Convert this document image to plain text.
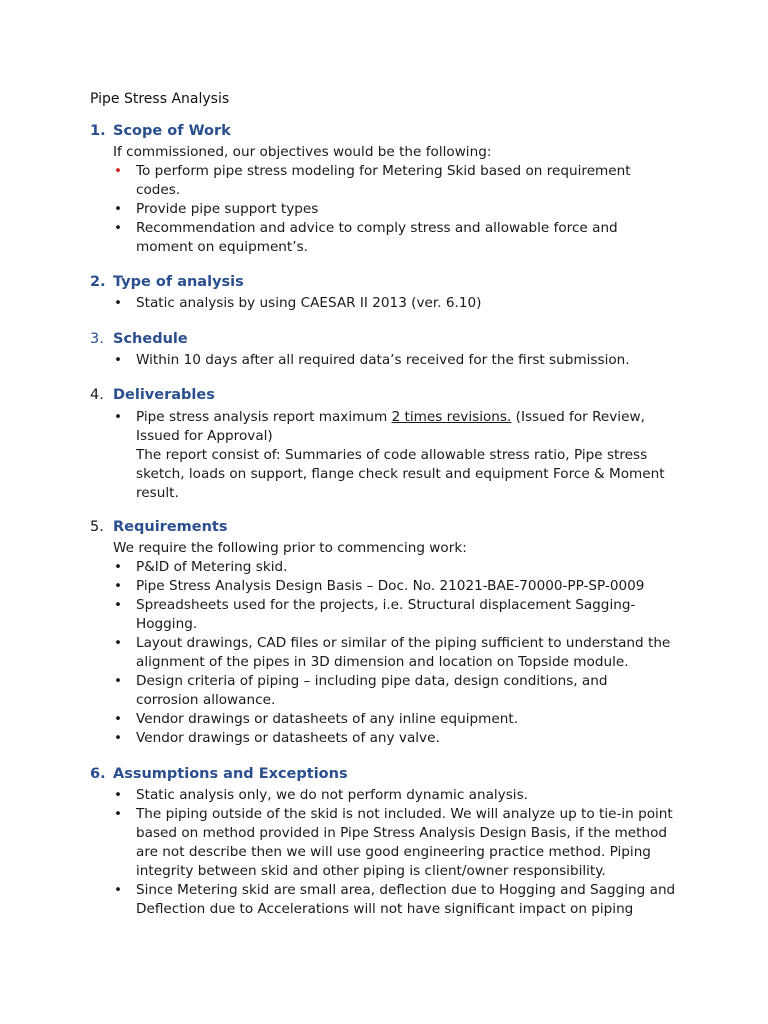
Pipe Stress Analysis
1. Scope of Work
If commissioned, our objectives would be the following:
• To perform pipe stress modeling for Metering Skid based on requirement codes.
• Provide pipe support types
• Recommendation and advice to comply stress and allowable force and moment on equipment’s.
2. Type of analysis
• Static analysis by using CAESAR II 2013 (ver. 6.10)
3. Schedule
• Within 10 days after all required data’s received for the first submission.
4. Deliverables
• Pipe stress analysis report maximum 2 times revisions. (Issued for Review, Issued for Approval)
The report consist of: Summaries of code allowable stress ratio, Pipe stress sketch, loads on support, flange check result and equipment Force & Moment result.
5. Requirements
We require the following prior to commencing work:
• P&ID of Metering skid.
• Pipe Stress Analysis Design Basis – Doc. No. 21021-BAE-70000-PP-SP-0009
• Spreadsheets used for the projects, i.e. Structural displacement Sagging-Hogging.
• Layout drawings, CAD files or similar of the piping sufficient to understand the alignment of the pipes in 3D dimension and location on Topside module.
• Design criteria of piping – including pipe data, design conditions, and corrosion allowance.
• Vendor drawings or datasheets of any inline equipment.
• Vendor drawings or datasheets of any valve.
6. Assumptions and Exceptions
• Static analysis only, we do not perform dynamic analysis.
• The piping outside of the skid is not included. We will analyze up to tie-in point based on method provided in Pipe Stress Analysis Design Basis, if the method are not describe then we will use good engineering practice method. Piping integrity between skid and other piping is client/owner responsibility.
• Since Metering skid are small area, deflection due to Hogging and Sagging and Deflection due to Accelerations will not have significant impact on piping
